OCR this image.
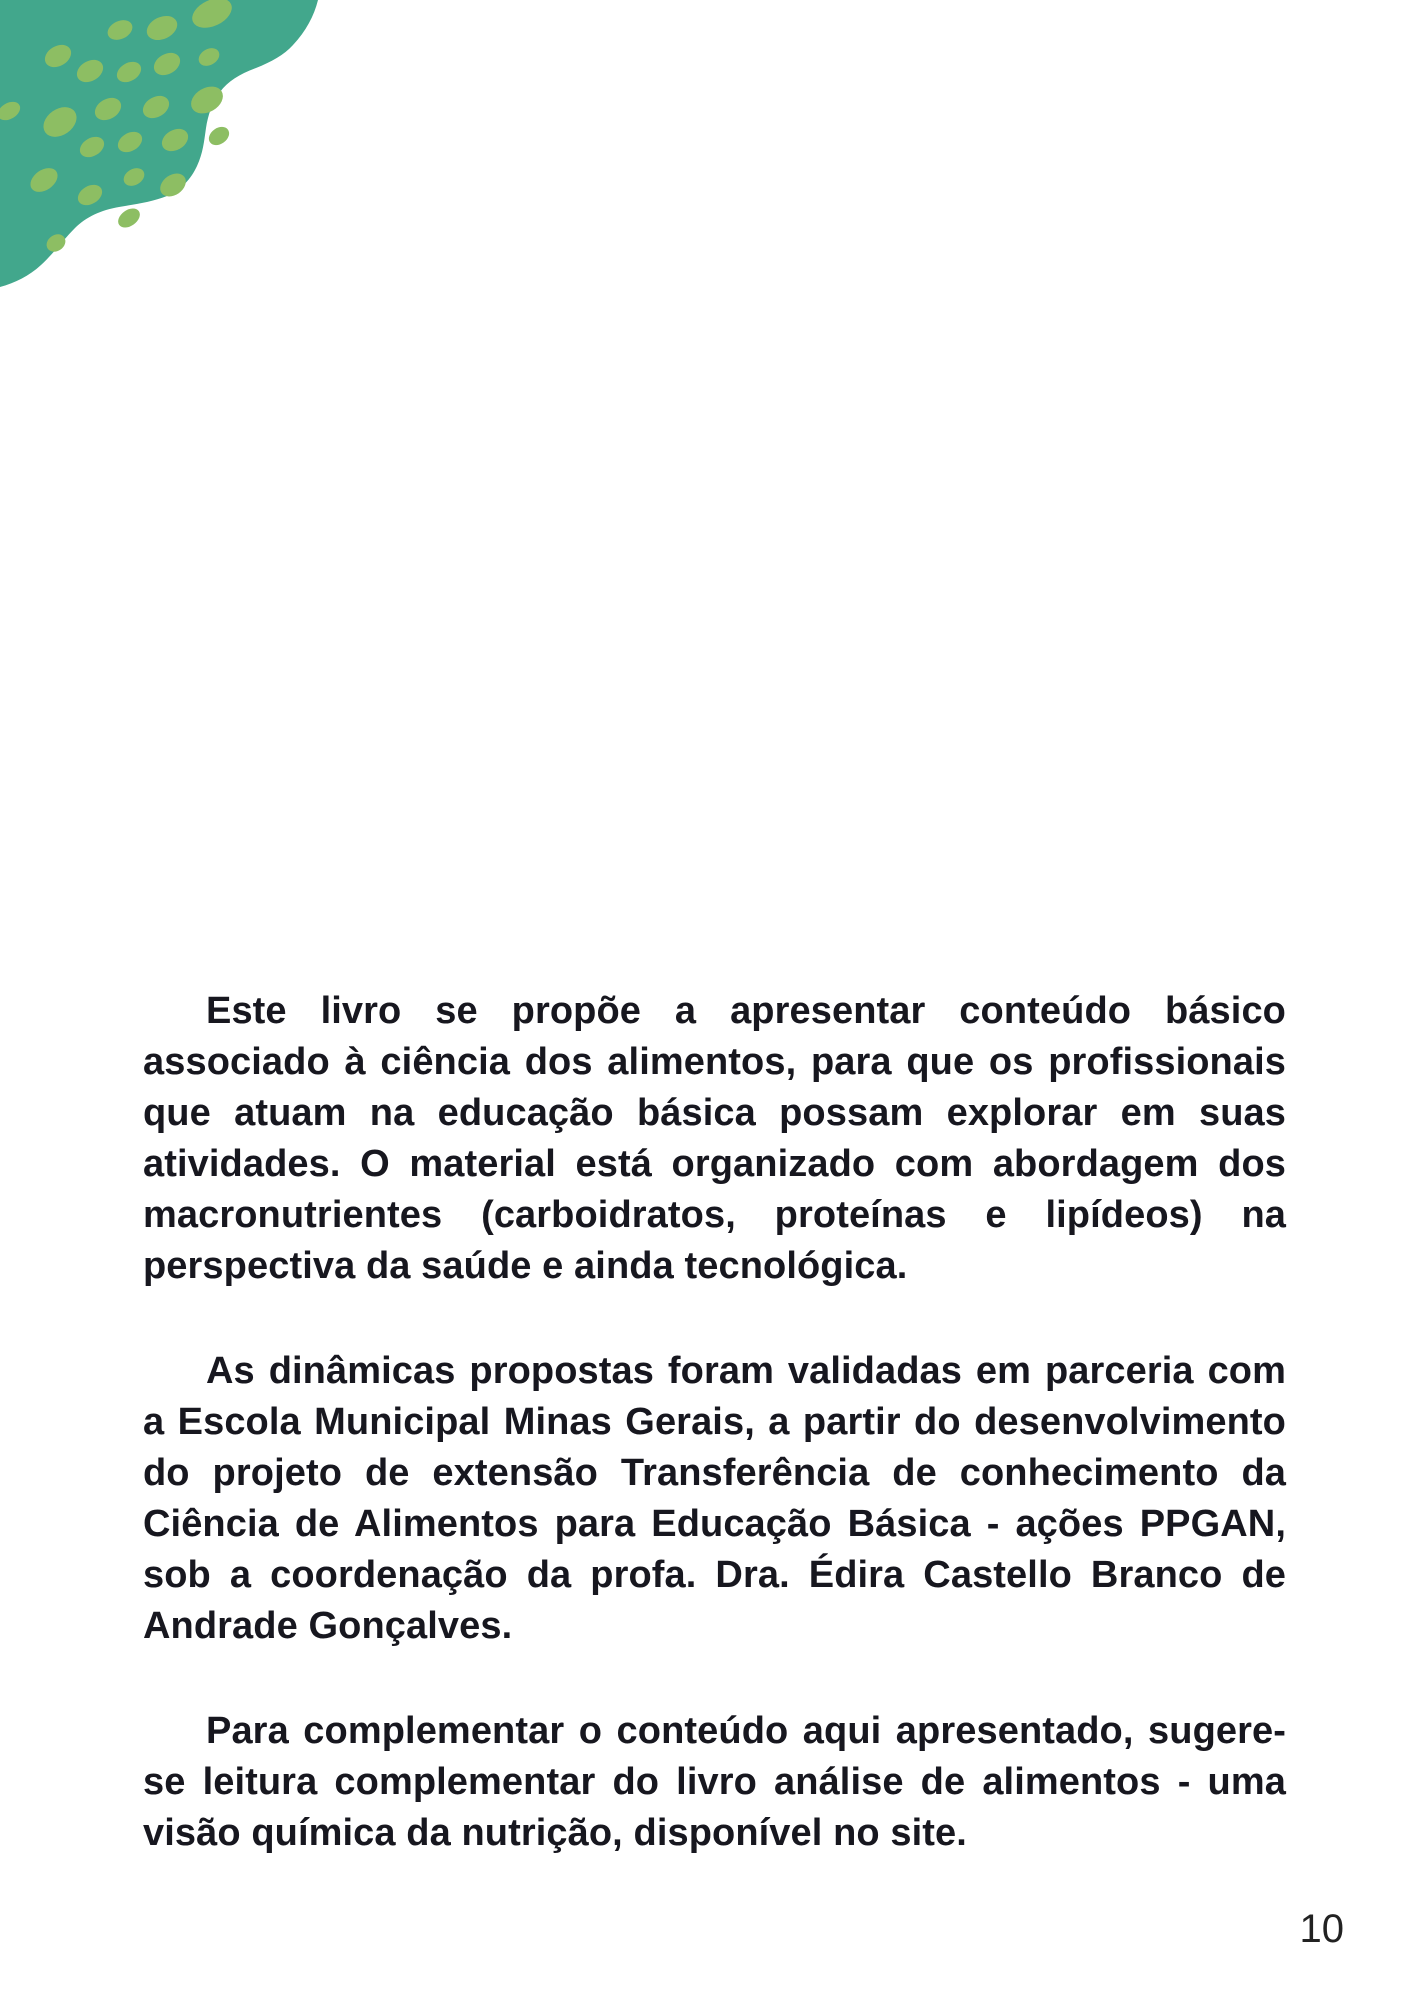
Este livro se propõe a apresentar conteúdo básico associado à ciência dos alimentos, para que os profissionais que atuam na educação básica possam explorar em suas atividades. O material está organizado com abordagem dos macronutrientes (carboidratos, proteínas e lipídeos) na perspectiva da saúde e ainda tecnológica.

As dinâmicas propostas foram validadas em parceria com a Escola Municipal Minas Gerais, a partir do desenvolvimento do projeto de extensão Transferência de conhecimento da Ciência de Alimentos para Educação Básica - ações PPGAN, sob a coordenação da profa. Dra. Édira Castello Branco de Andrade Gonçalves.

Para complementar o conteúdo aqui apresentado, sugere-se leitura complementar do livro análise de alimentos - uma visão química da nutrição, disponível no site.

10
